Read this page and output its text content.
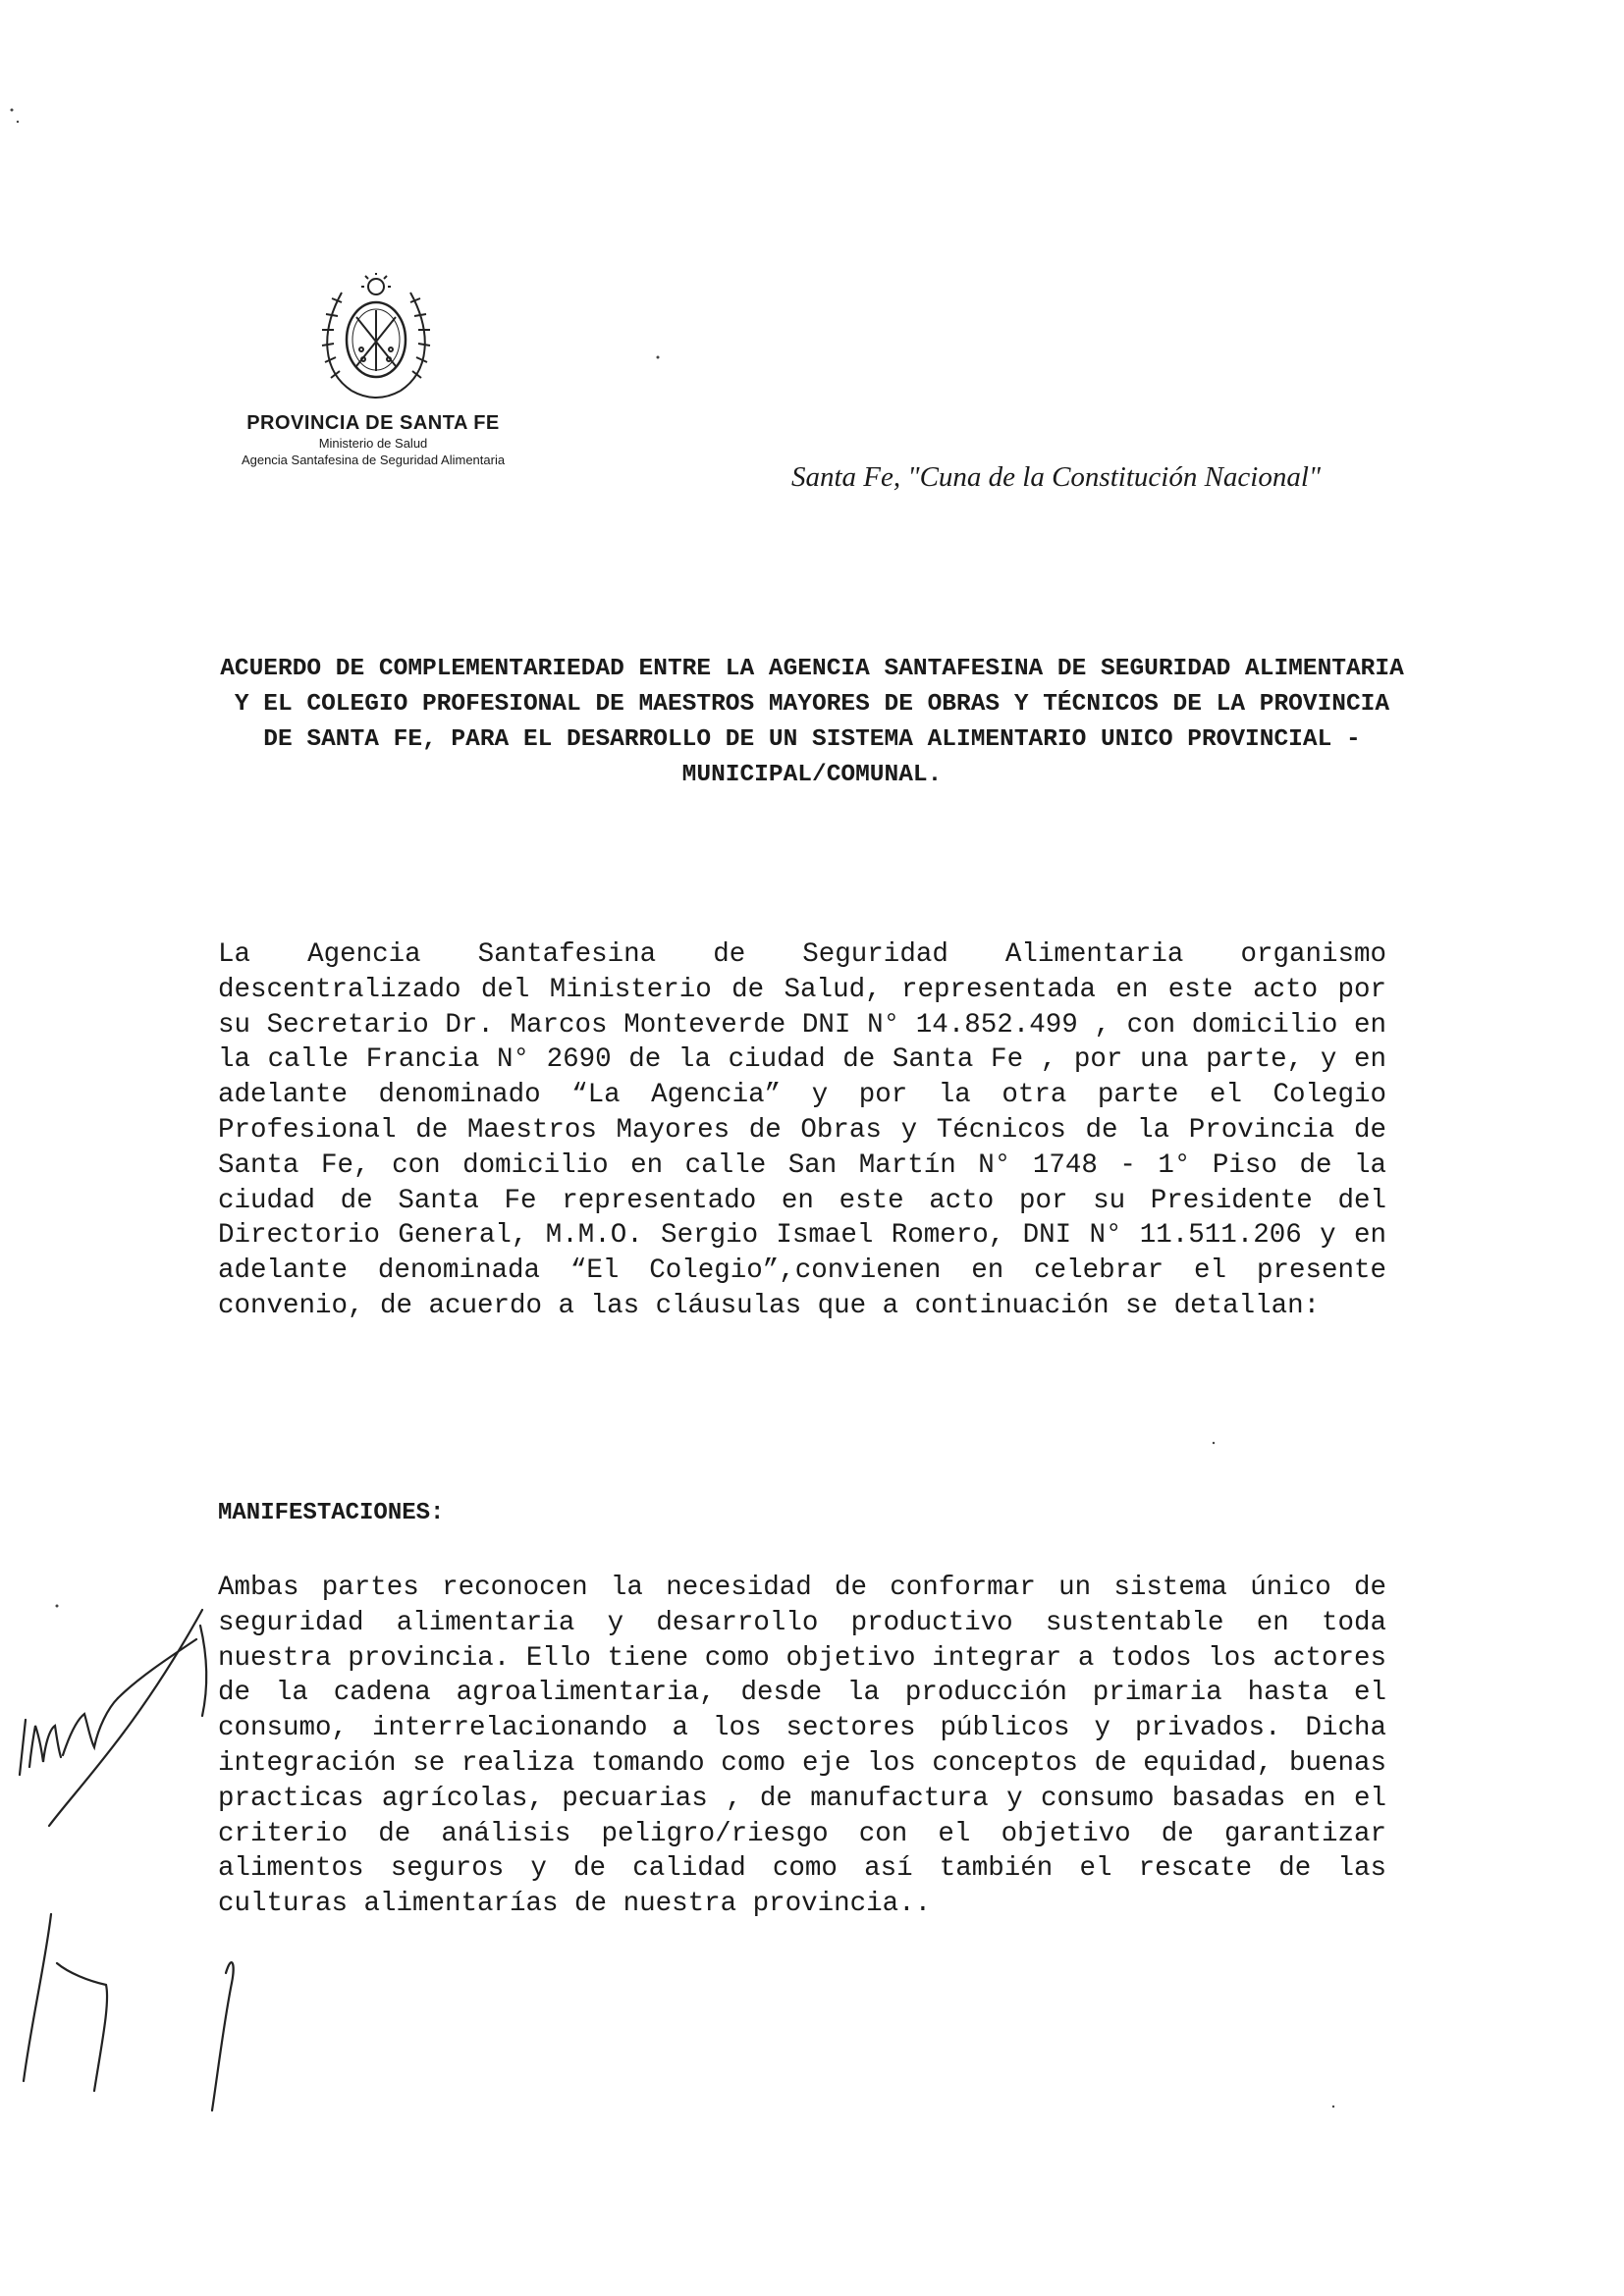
PROVINCIA DE SANTA FE
Ministerio de Salud
Agencia Santafesina de Seguridad Alimentaria
Santa Fe, "Cuna de la Constitución Nacional"
ACUERDO DE COMPLEMENTARIEDAD ENTRE LA AGENCIA SANTAFESINA DE SEGURIDAD ALIMENTARIA Y EL COLEGIO PROFESIONAL DE MAESTROS MAYORES DE OBRAS Y TÉCNICOS DE LA PROVINCIA DE SANTA FE, PARA EL DESARROLLO DE UN SISTEMA ALIMENTARIO UNICO PROVINCIAL - MUNICIPAL/COMUNAL.
La Agencia Santafesina de Seguridad Alimentaria organismo descentralizado del Ministerio de Salud, representada en este acto por su Secretario Dr. Marcos Monteverde DNI N° 14.852.499 , con domicilio en la calle Francia N° 2690 de la ciudad de Santa Fe , por una parte, y en adelante denominado “La Agencia” y por la otra parte el Colegio Profesional de Maestros Mayores de Obras y Técnicos de la Provincia de Santa Fe, con domicilio en calle San Martín N° 1748 - 1° Piso de la ciudad de Santa Fe representado en este acto por su Presidente del Directorio General, M.M.O. Sergio Ismael Romero, DNI N° 11.511.206 y en adelante denominada “El Colegio”,convienen en celebrar el presente convenio, de acuerdo a las cláusulas que a continuación se detallan:
MANIFESTACIONES:
Ambas partes reconocen la necesidad de conformar un sistema único de seguridad alimentaria y desarrollo productivo sustentable en toda nuestra provincia. Ello tiene como objetivo integrar a todos los actores de la cadena agroalimentaria, desde la producción primaria hasta el consumo, interrelacionando a los sectores públicos y privados. Dicha integración se realiza tomando como eje los conceptos de equidad, buenas practicas agrícolas, pecuarias , de manufactura y consumo basadas en el criterio de análisis peligro/riesgo con el objetivo de garantizar alimentos seguros y de calidad como así también el rescate de las culturas alimentarías de nuestra provincia..
